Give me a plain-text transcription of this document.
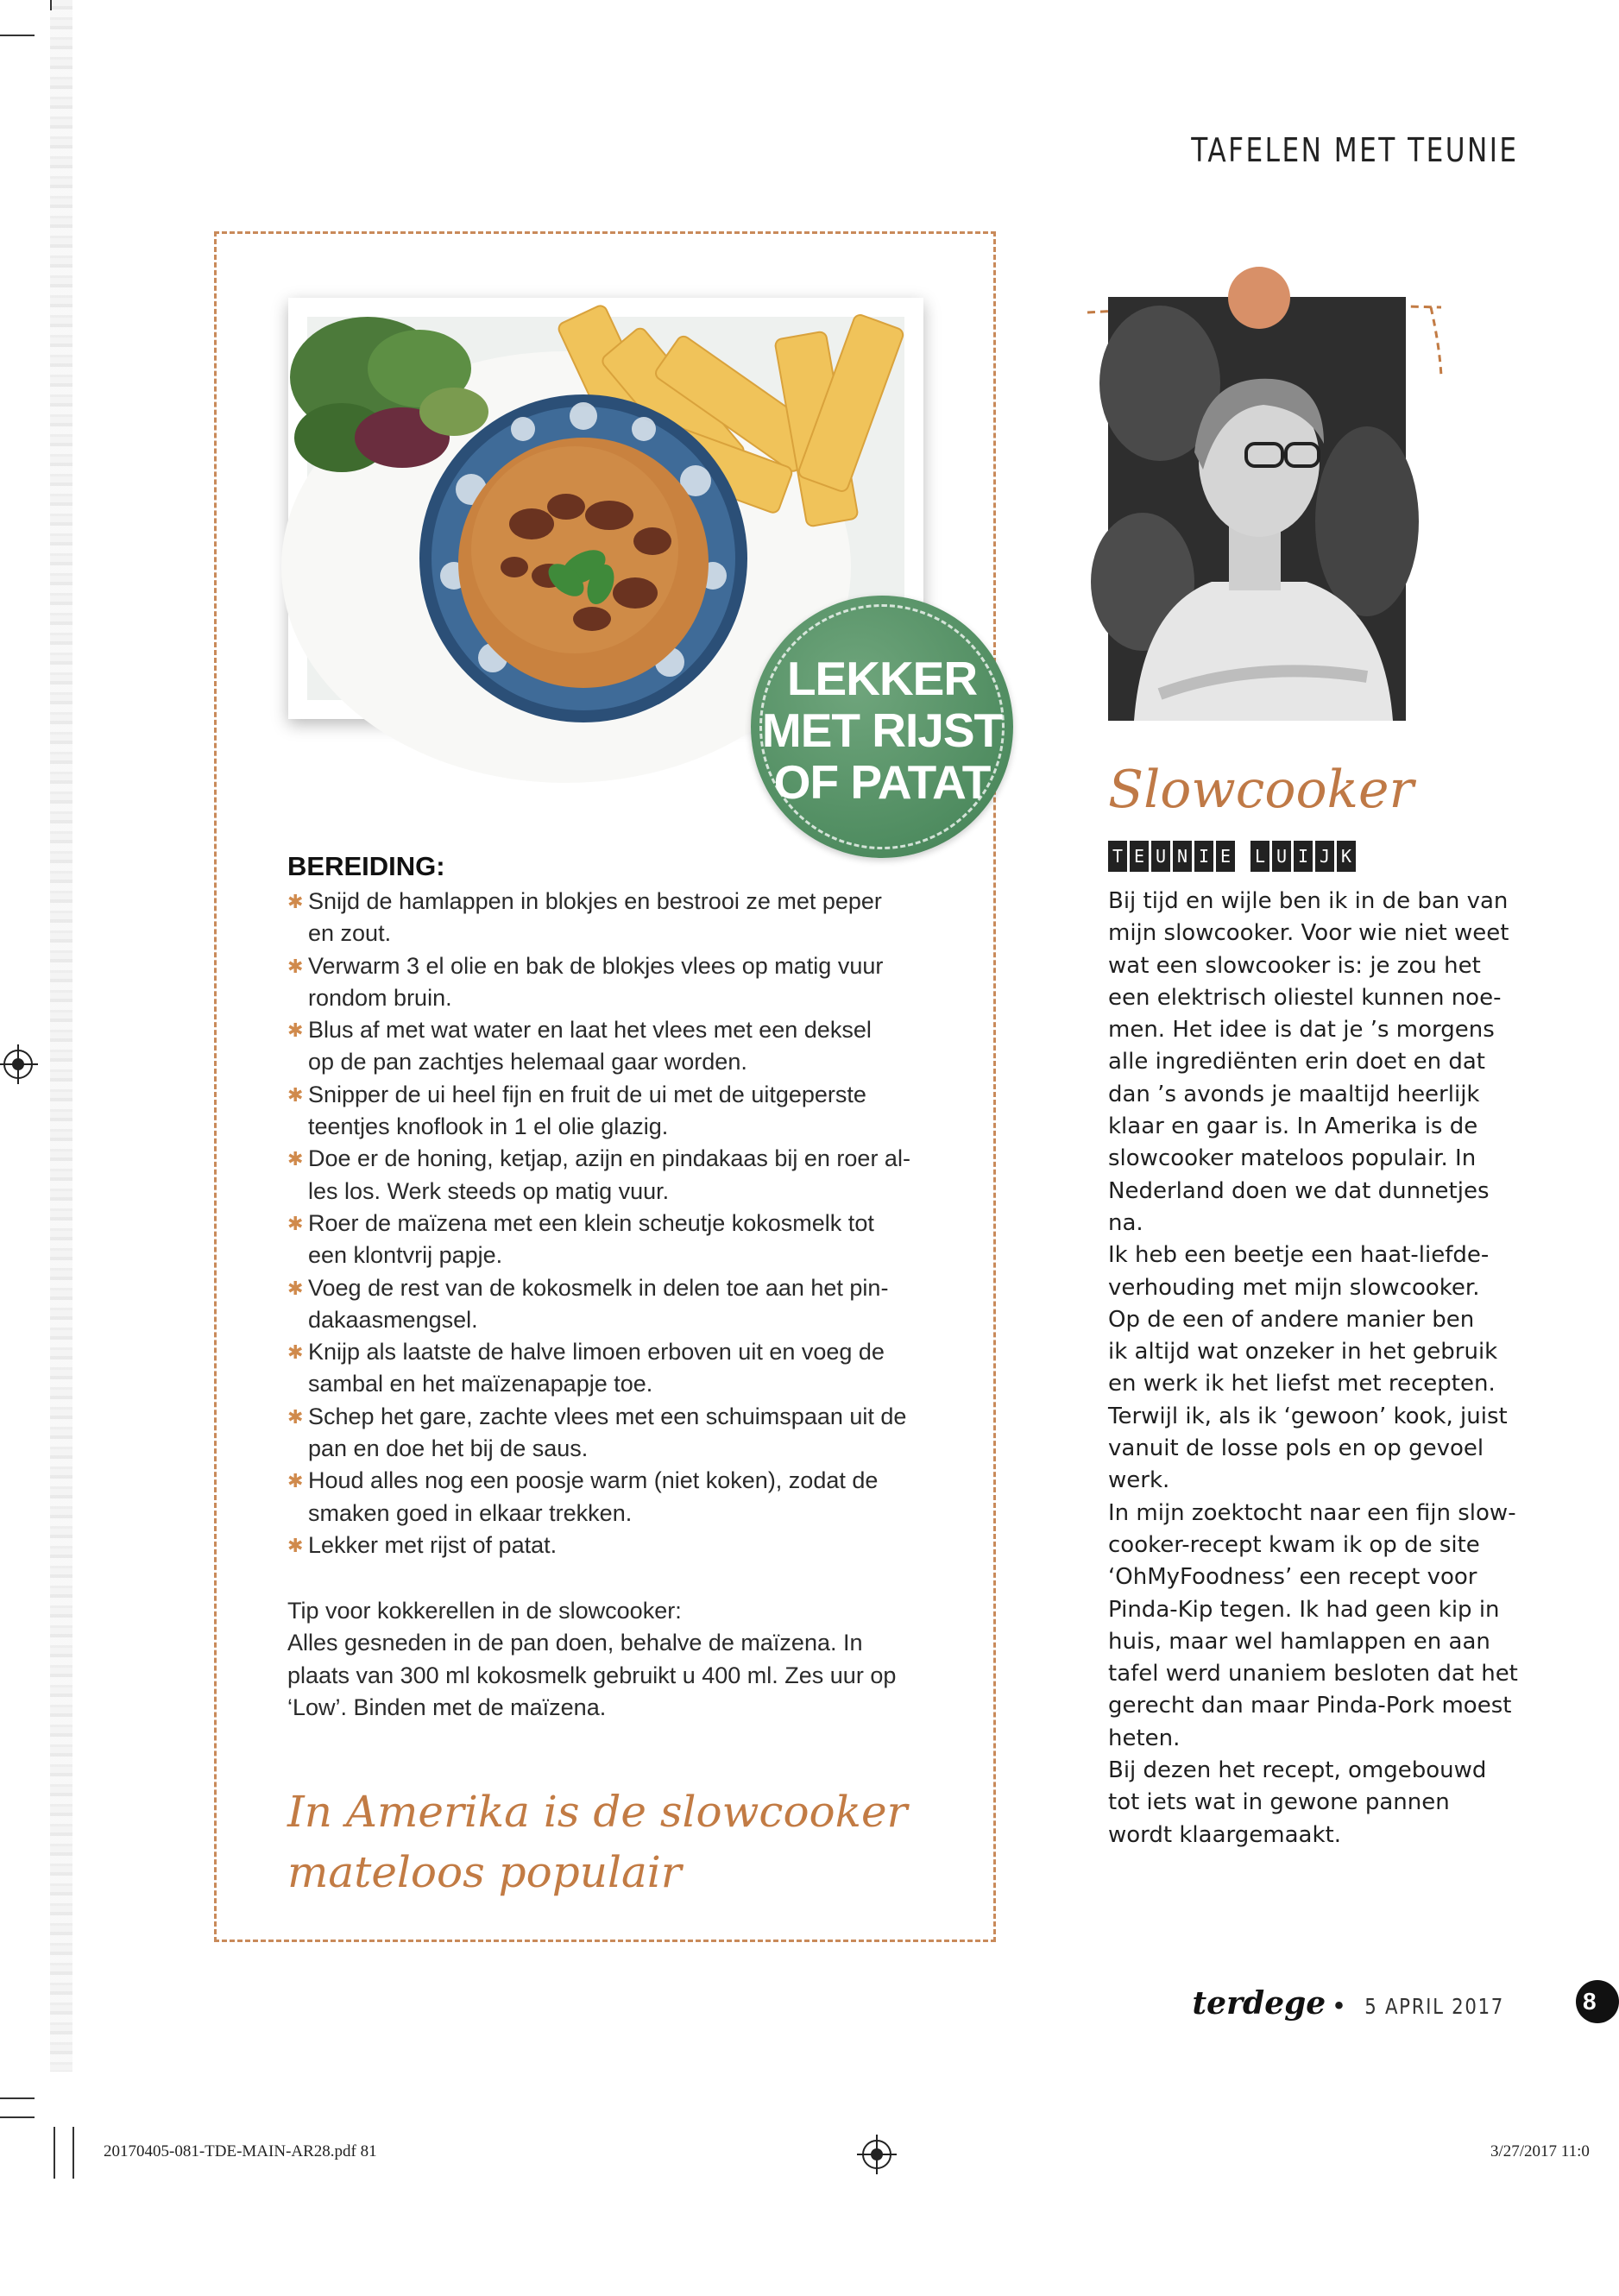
TAFELEN MET TEUNIE
LEKKER
MET RIJST
OF PATAT
BEREIDING:
✱ Snijd de hamlappen in blokjes en bestrooi ze met peper
en zout.
✱ Verwarm 3 el olie en bak de blokjes vlees op matig vuur
rondom bruin.
✱ Blus af met wat water en laat het vlees met een deksel
op de pan zachtjes helemaal gaar worden.
✱ Snipper de ui heel fijn en fruit de ui met de uitgeperste
teentjes knoflook in 1 el olie glazig.
✱ Doe er de honing, ketjap, azijn en pindakaas bij en roer al-
les los. Werk steeds op matig vuur.
✱ Roer de maïzena met een klein scheutje kokosmelk tot
een klontvrij papje.
✱ Voeg de rest van de kokosmelk in delen toe aan het pin-
dakaasmengsel.
✱ Knijp als laatste de halve limoen erboven uit en voeg de
sambal en het maïzenapapje toe.
✱ Schep het gare, zachte vlees met een schuimspaan uit de
pan en doe het bij de saus.
✱ Houd alles nog een poosje warm (niet koken), zodat de
smaken goed in elkaar trekken.
✱ Lekker met rijst of patat.
Tip voor kokkerellen in de slowcooker:
Alles gesneden in de pan doen, behalve de maïzena. In
plaats van 300 ml kokosmelk gebruikt u 400 ml. Zes uur op
‘Low’. Binden met de maïzena.
In Amerika is de slowcooker
mateloos populair
Slowcooker
T E U N I E L U I J K
Bij tijd en wijle ben ik in de ban van
mijn slowcooker. Voor wie niet weet
wat een slowcooker is: je zou het
een elektrisch oliestel kunnen noe-
men. Het idee is dat je ’s morgens
alle ingrediënten erin doet en dat
dan ’s avonds je maaltijd heerlijk
klaar en gaar is. In Amerika is de
slowcooker mateloos populair. In
Nederland doen we dat dunnetjes
na.
Ik heb een beetje een haat-liefde-
verhouding met mijn slowcooker.
Op de een of andere manier ben
ik altijd wat onzeker in het gebruik
en werk ik het liefst met recepten.
Terwijl ik, als ik ‘gewoon’ kook, juist
vanuit de losse pols en op gevoel
werk.
In mijn zoektocht naar een fijn slow-
cooker-recept kwam ik op de site
‘OhMyFoodness’ een recept voor
Pinda-Kip tegen. Ik had geen kip in
huis, maar wel hamlappen en aan
tafel werd unaniem besloten dat het
gerecht dan maar Pinda-Pork moest
heten.
Bij dezen het recept, omgebouwd
tot iets wat in gewone pannen
wordt klaargemaakt.
terdege • 5 APRIL 2017	8
20170405-081-TDE-MAIN-AR28.pdf 81	3/27/2017 11:0
